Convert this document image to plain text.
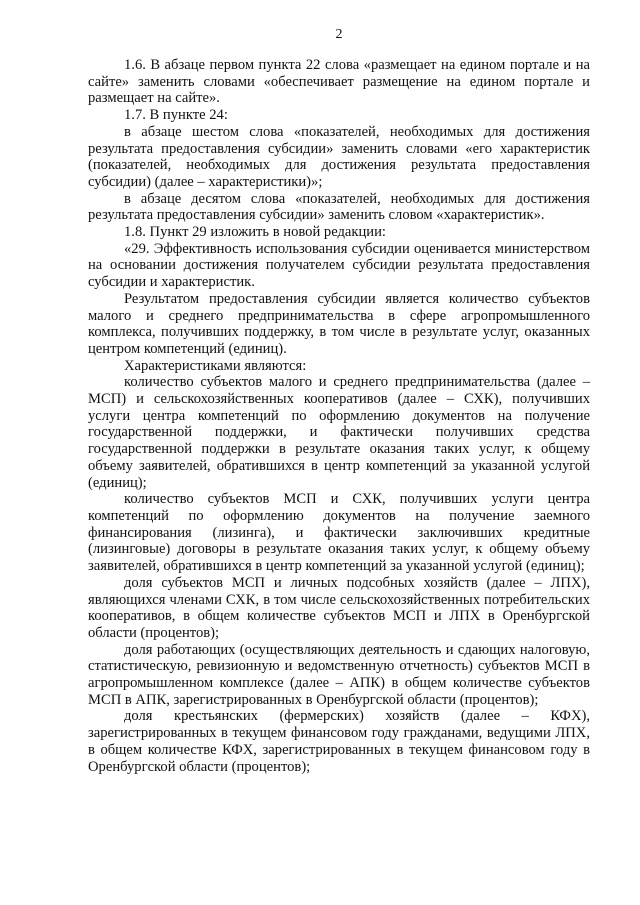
2

1.6. В абзаце первом пункта 22 слова «размещает на едином портале и на сайте» заменить словами «обеспечивает размещение на едином портале и размещает на сайте».

1.7. В пункте 24:

в абзаце шестом слова «показателей, необходимых для достижения результата предоставления субсидии» заменить словами «его характеристик (показателей, необходимых для достижения результата предоставления субсидии) (далее – характеристики)»;

в абзаце десятом слова «показателей, необходимых для достижения результата предоставления субсидии» заменить словом «характеристик».

1.8. Пункт 29 изложить в новой редакции:

«29. Эффективность использования субсидии оценивается министерством на основании достижения получателем субсидии результата предоставления субсидии и характеристик.

Результатом предоставления субсидии является количество субъектов малого и среднего предпринимательства в сфере агропромышленного комплекса, получивших поддержку, в том числе в результате услуг, оказанных центром компетенций (единиц).

Характеристиками являются:

количество субъектов малого и среднего предпринимательства (далее – МСП) и сельскохозяйственных кооперативов (далее – СХК), получивших услуги центра компетенций по оформлению документов на получение государственной поддержки, и фактически получивших средства государственной поддержки в результате оказания таких услуг, к общему объему заявителей, обратившихся в центр компетенций за указанной услугой (единиц);

количество субъектов МСП и СХК, получивших услуги центра компетенций по оформлению документов на получение заемного финансирования (лизинга), и фактически заключивших кредитные (лизинговые) договоры в результате оказания таких услуг, к общему объему заявителей, обратившихся в центр компетенций за указанной услугой (единиц);

доля субъектов МСП и личных подсобных хозяйств (далее – ЛПХ), являющихся членами СХК, в том числе сельскохозяйственных потребительских кооперативов, в общем количестве субъектов МСП и ЛПХ в Оренбургской области (процентов);

доля работающих (осуществляющих деятельность и сдающих налоговую, статистическую, ревизионную и ведомственную отчетность) субъектов МСП в агропромышленном комплексе (далее – АПК) в общем количестве субъектов МСП в АПК, зарегистрированных в Оренбургской области (процентов);

доля крестьянских (фермерских) хозяйств (далее – КФХ), зарегистрированных в текущем финансовом году гражданами, ведущими ЛПХ, в общем количестве КФХ, зарегистрированных в текущем финансовом году в Оренбургской области (процентов);
